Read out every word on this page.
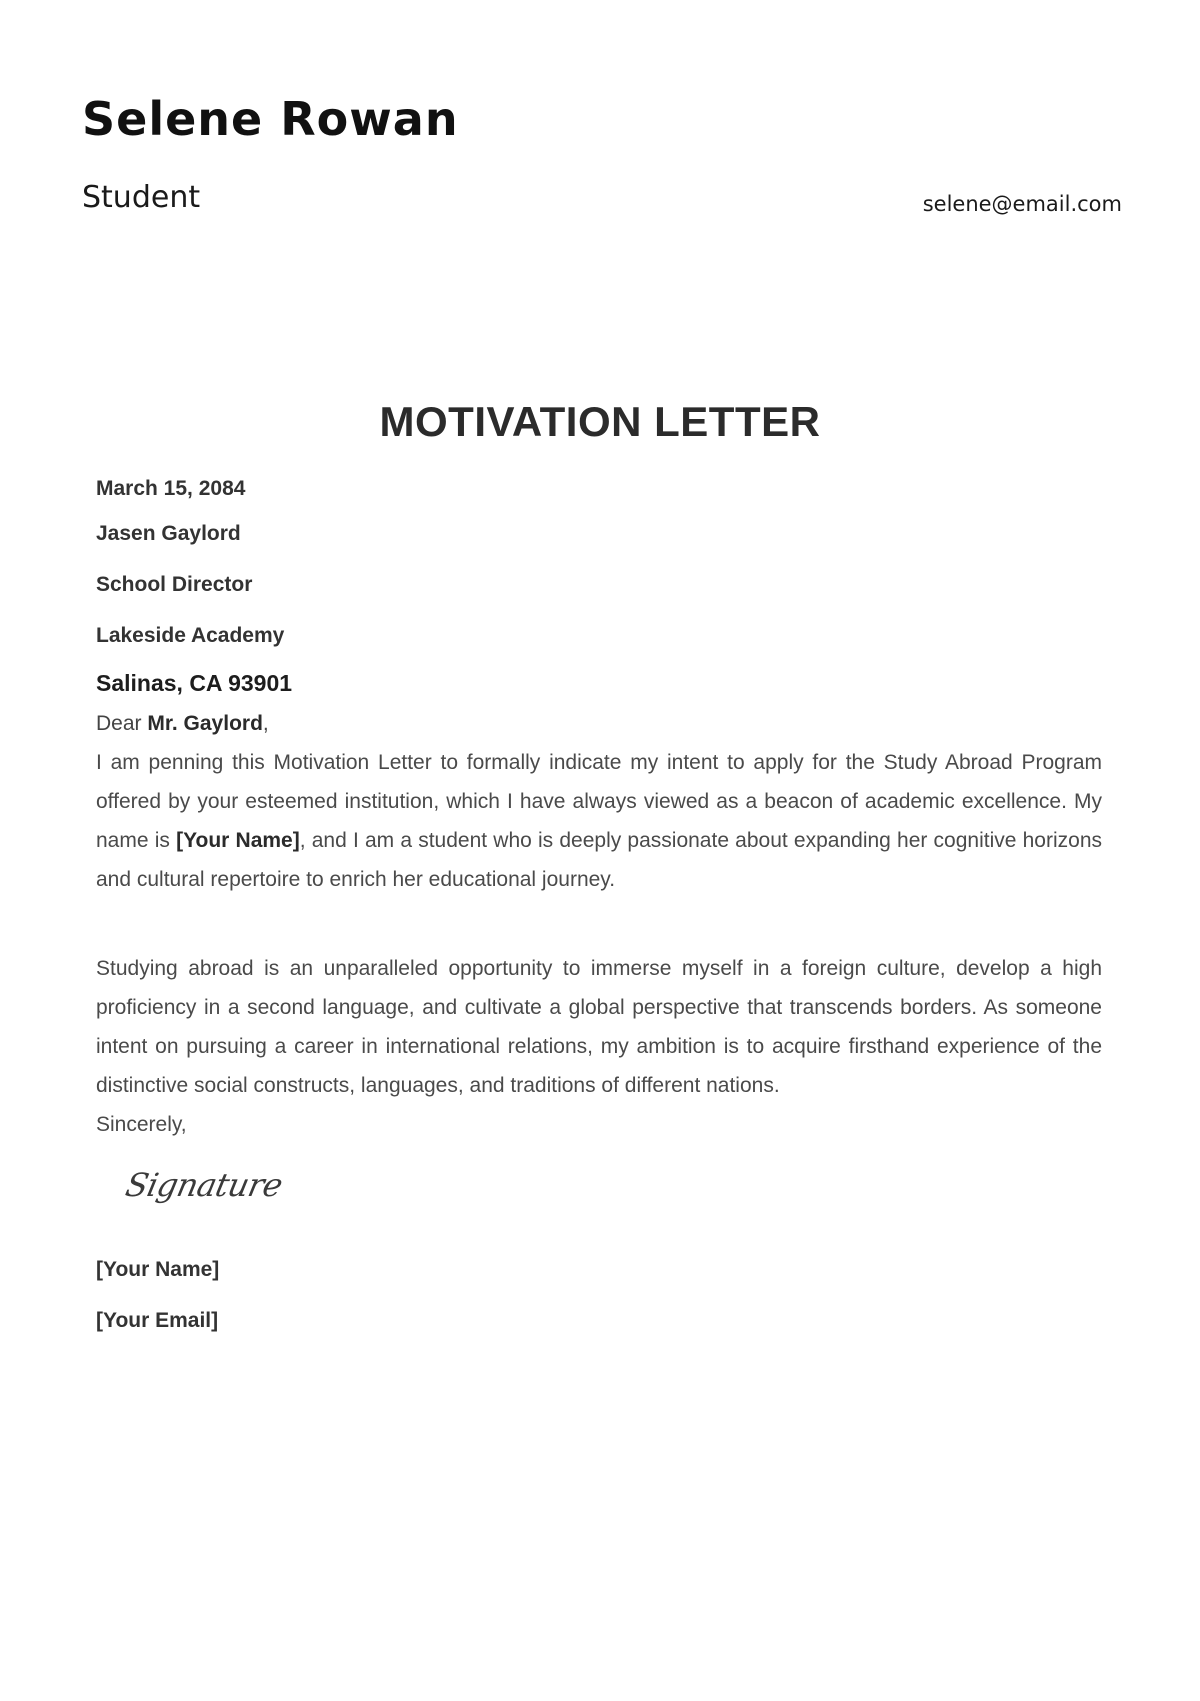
Selene Rowan
Student	selene@email.com
MOTIVATION LETTER
March 15, 2084
Jasen Gaylord
School Director
Lakeside Academy
Salinas, CA 93901
Dear Mr. Gaylord,

I am penning this Motivation Letter to formally indicate my intent to apply for the Study Abroad Program offered by your esteemed institution, which I have always viewed as a beacon of academic excellence. My name is [Your Name], and I am a student who is deeply passionate about expanding her cognitive horizons and cultural repertoire to enrich her educational journey.

Studying abroad is an unparalleled opportunity to immerse myself in a foreign culture, develop a high proficiency in a second language, and cultivate a global perspective that transcends borders. As someone intent on pursuing a career in international relations, my ambition is to acquire firsthand experience of the distinctive social constructs, languages, and traditions of different nations.

Sincerely,
Signature
[Your Name]
[Your Email]
